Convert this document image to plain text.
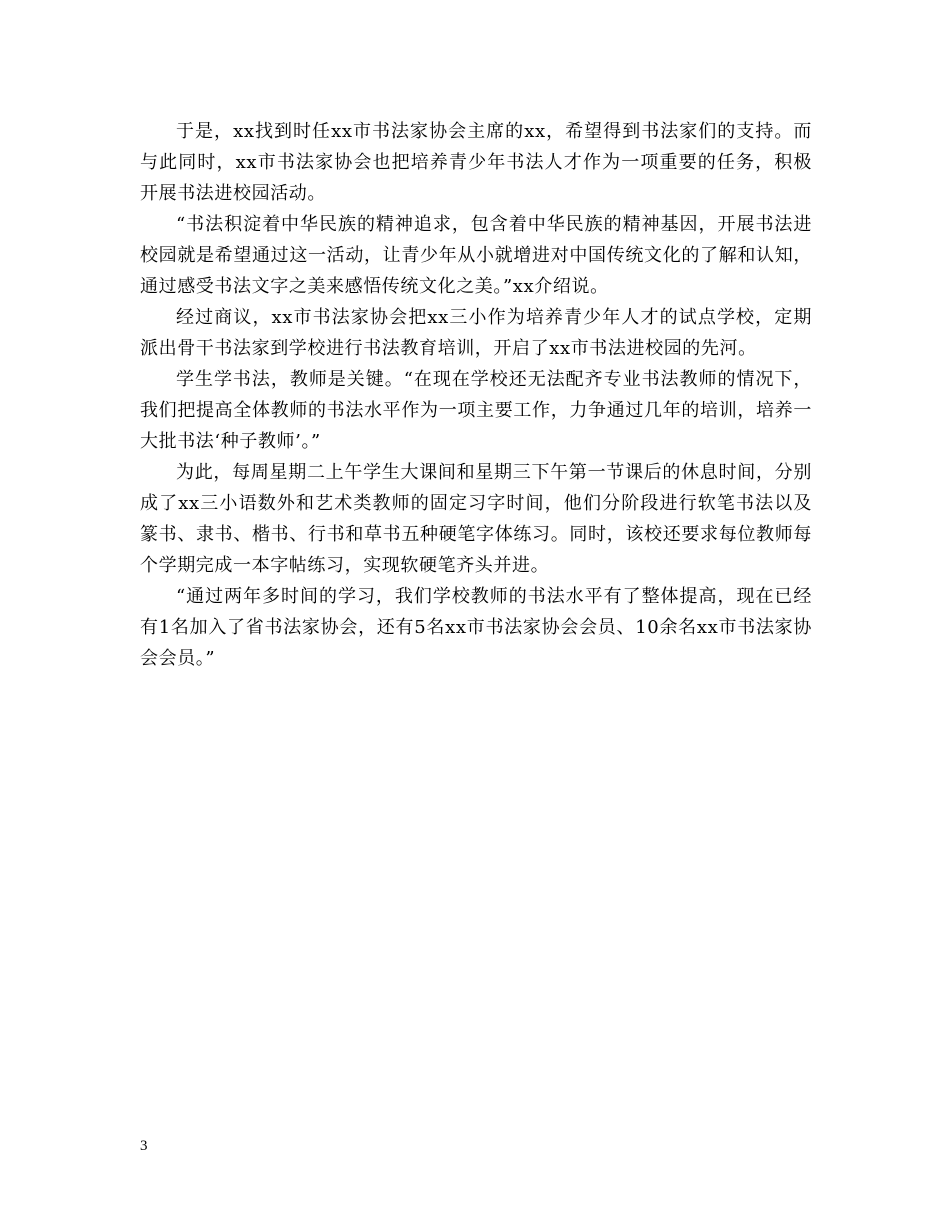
于是，xx找到时任xx市书法家协会主席的xx，希望得到书法家们的支持。而与此同时，xx市书法家协会也把培养青少年书法人才作为一项重要的任务，积极开展书法进校园活动。

“书法积淀着中华民族的精神追求，包含着中华民族的精神基因，开展书法进校园就是希望通过这一活动，让青少年从小就增进对中国传统文化的了解和认知，通过感受书法文字之美来感悟传统文化之美。”xx介绍说。

经过商议，xx市书法家协会把xx三小作为培养青少年人才的试点学校，定期派出骨干书法家到学校进行书法教育培训，开启了xx市书法进校园的先河。

学生学书法，教师是关键。“在现在学校还无法配齐专业书法教师的情况下，我们把提高全体教师的书法水平作为一项主要工作，力争通过几年的培训，培养一大批书法‘种子教师’。”

为此，每周星期二上午学生大课间和星期三下午第一节课后的休息时间，分别成了xx三小语数外和艺术类教师的固定习字时间，他们分阶段进行软笔书法以及篆书、隶书、楷书、行书和草书五种硬笔字体练习。同时，该校还要求每位教师每个学期完成一本字帖练习，实现软硬笔齐头并进。

“通过两年多时间的学习，我们学校教师的书法水平有了整体提高，现在已经有1名加入了省书法家协会，还有5名xx市书法家协会会员、10余名xx市书法家协会会员。”

3
